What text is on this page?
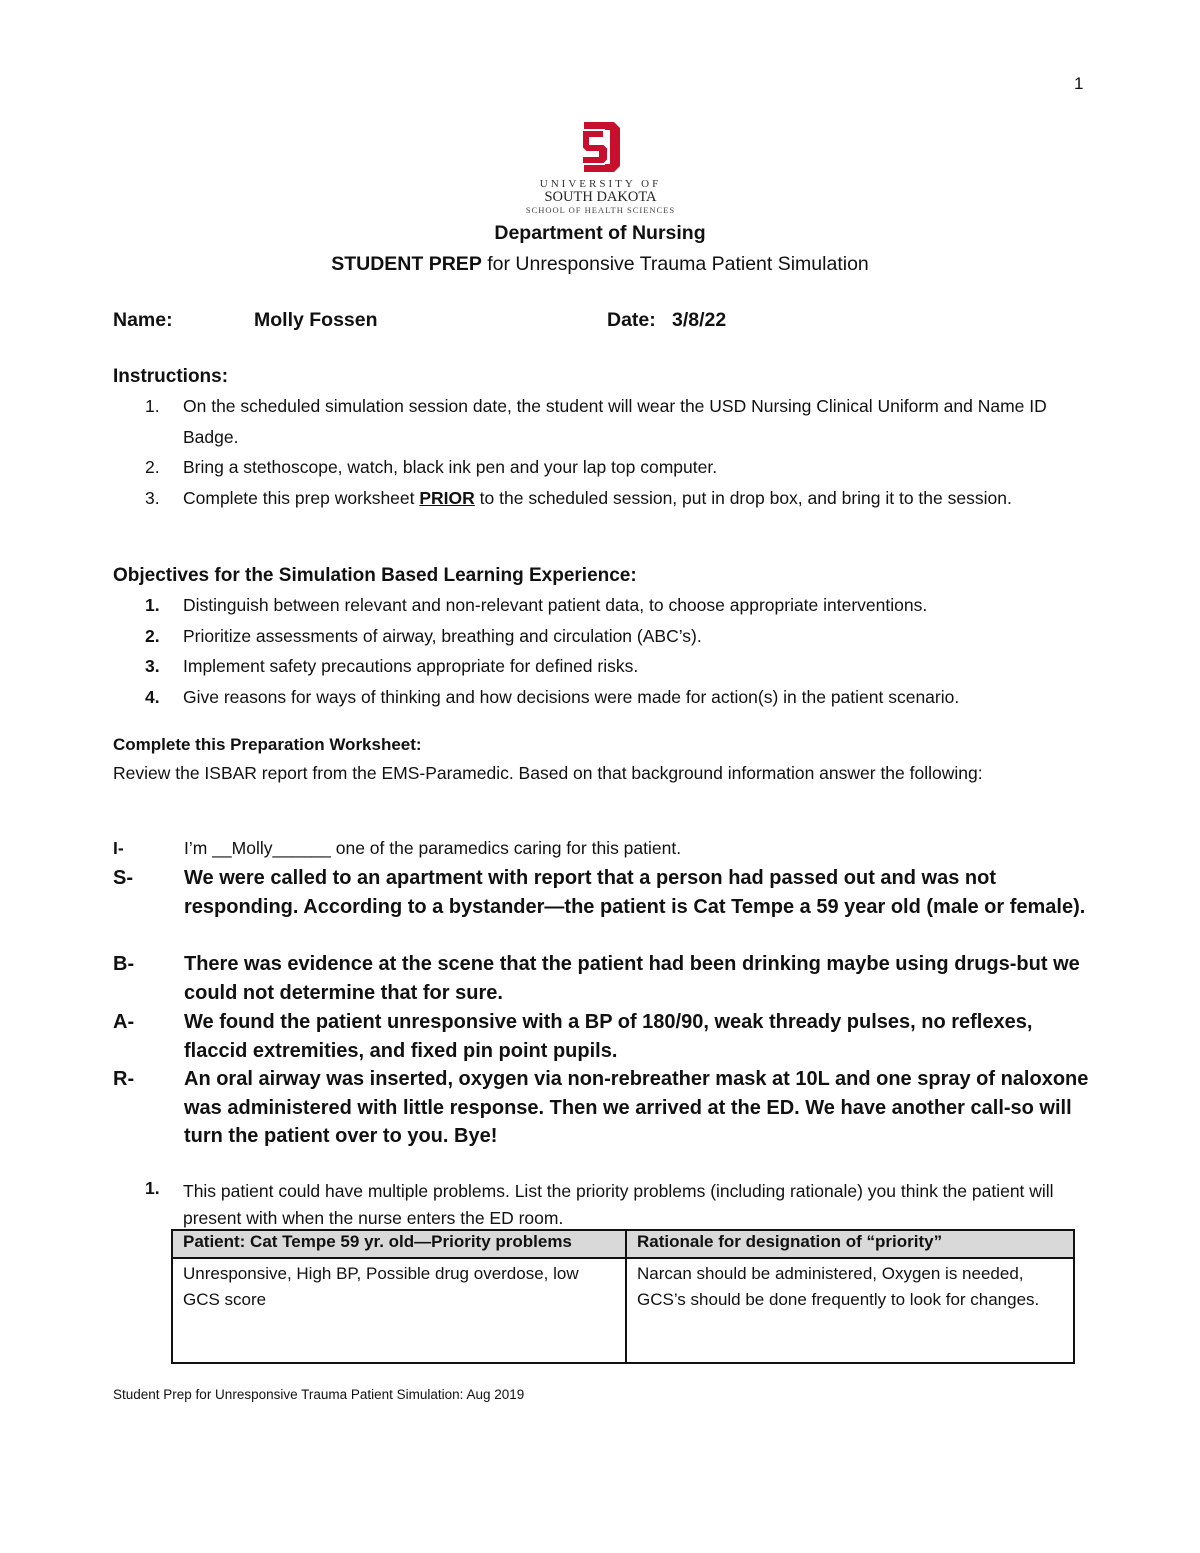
1
UNIVERSITY OF
SOUTH DAKOTA
SCHOOL OF HEALTH SCIENCES
Department of Nursing
STUDENT PREP for Unresponsive Trauma Patient Simulation
Name:	Molly Fossen	Date: 3/8/22
Instructions:
1. On the scheduled simulation session date, the student will wear the USD Nursing Clinical Uniform and Name ID Badge.
2. Bring a stethoscope, watch, black ink pen and your lap top computer.
3. Complete this prep worksheet PRIOR to the scheduled session, put in drop box, and bring it to the session.
Objectives for the Simulation Based Learning Experience:
1. Distinguish between relevant and non-relevant patient data, to choose appropriate interventions.
2. Prioritize assessments of airway, breathing and circulation (ABC’s).
3. Implement safety precautions appropriate for defined risks.
4. Give reasons for ways of thinking and how decisions were made for action(s) in the patient scenario.
Complete this Preparation Worksheet:
Review the ISBAR report from the EMS-Paramedic. Based on that background information answer the following:
I-	I’m __Molly______ one of the paramedics caring for this patient.
S-	We were called to an apartment with report that a person had passed out and was not responding. According to a bystander—the patient is Cat Tempe a 59 year old (male or female).
B- There was evidence at the scene that the patient had been drinking maybe using drugs-but we could not determine that for sure.
A- We found the patient unresponsive with a BP of 180/90, weak thready pulses, no reflexes, flaccid extremities, and fixed pin point pupils.
R- An oral airway was inserted, oxygen via non-rebreather mask at 10L and one spray of naloxone was administered with little response. Then we arrived at the ED. We have another call-so will turn the patient over to you. Bye!
1. This patient could have multiple problems. List the priority problems (including rationale) you think the patient will present with when the nurse enters the ED room.
Patient: Cat Tempe 59 yr. old—Priority problems	Rationale for designation of “priority”
Unresponsive, High BP, Possible drug overdose, low GCS score	Narcan should be administered, Oxygen is needed, GCS’s should be done frequently to look for changes.
Student Prep for Unresponsive Trauma Patient Simulation: Aug 2019
